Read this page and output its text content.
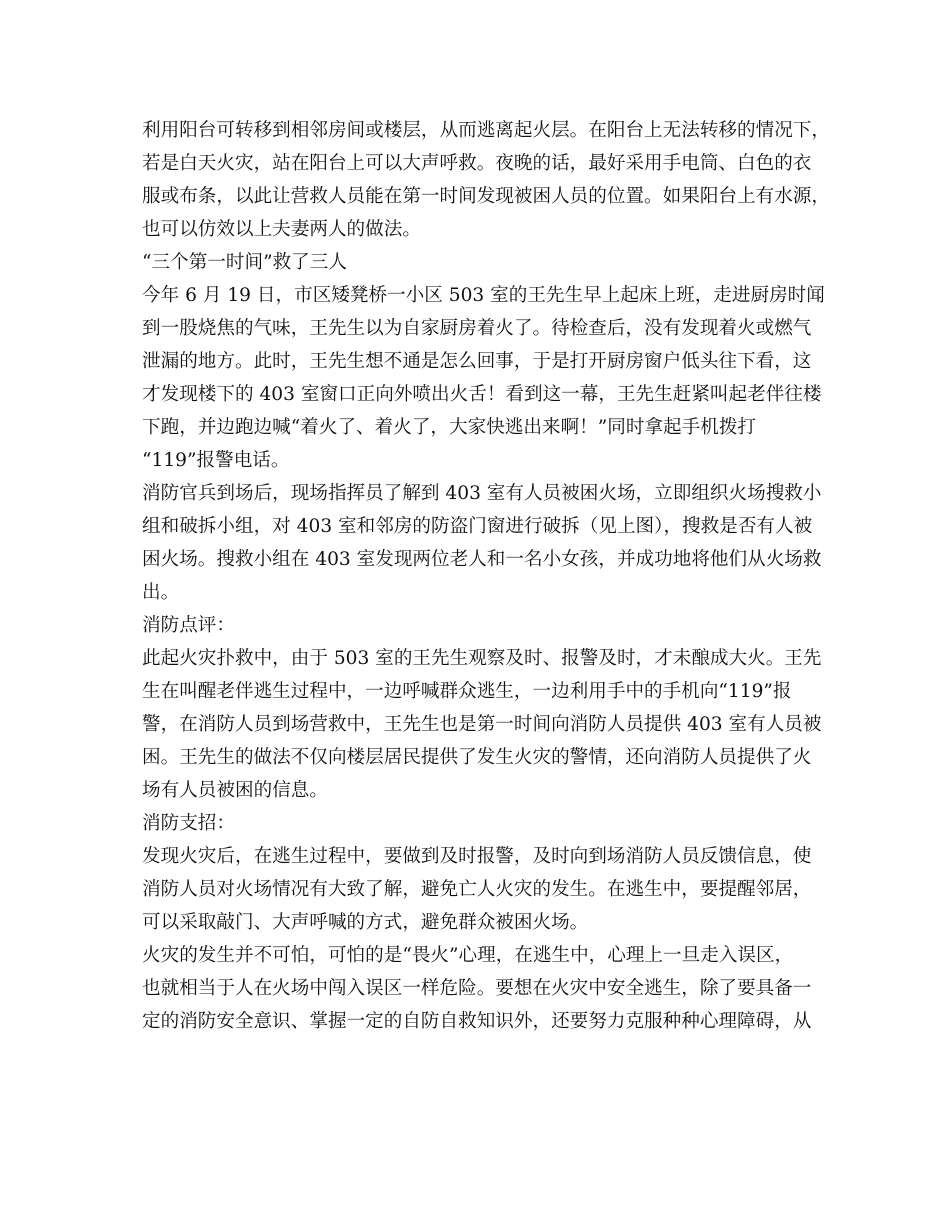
利用阳台可转移到相邻房间或楼层，从而逃离起火层。在阳台上无法转移的情况下，
若是白天火灾，站在阳台上可以大声呼救。夜晚的话，最好采用手电筒、白色的衣
服或布条，以此让营救人员能在第一时间发现被困人员的位置。如果阳台上有水源，
也可以仿效以上夫妻两人的做法。
“三个第一时间”救了三人
今年 6 月 19 日，市区矮凳桥一小区 503 室的王先生早上起床上班，走进厨房时闻
到一股烧焦的气味，王先生以为自家厨房着火了。待检查后，没有发现着火或燃气
泄漏的地方。此时，王先生想不通是怎么回事，于是打开厨房窗户低头往下看，这
才发现楼下的 403 室窗口正向外喷出火舌！看到这一幕，王先生赶紧叫起老伴往楼
下跑，并边跑边喊“着火了、着火了，大家快逃出来啊！”同时拿起手机拨打
“119”报警电话。
消防官兵到场后，现场指挥员了解到 403 室有人员被困火场，立即组织火场搜救小
组和破拆小组，对 403 室和邻房的防盗门窗进行破拆（见上图），搜救是否有人被
困火场。搜救小组在 403 室发现两位老人和一名小女孩，并成功地将他们从火场救
出。
消防点评：
此起火灾扑救中，由于 503 室的王先生观察及时、报警及时，才未酿成大火。王先
生在叫醒老伴逃生过程中，一边呼喊群众逃生，一边利用手中的手机向“119”报
警，在消防人员到场营救中，王先生也是第一时间向消防人员提供 403 室有人员被
困。王先生的做法不仅向楼层居民提供了发生火灾的警情，还向消防人员提供了火
场有人员被困的信息。
消防支招：
发现火灾后，在逃生过程中，要做到及时报警，及时向到场消防人员反馈信息，使
消防人员对火场情况有大致了解，避免亡人火灾的发生。在逃生中，要提醒邻居，
可以采取敲门、大声呼喊的方式，避免群众被困火场。
火灾的发生并不可怕，可怕的是“畏火”心理，在逃生中，心理上一旦走入误区，
也就相当于人在火场中闯入误区一样危险。要想在火灾中安全逃生，除了要具备一
定的消防安全意识、掌握一定的自防自救知识外，还要努力克服种种心理障碍，从
